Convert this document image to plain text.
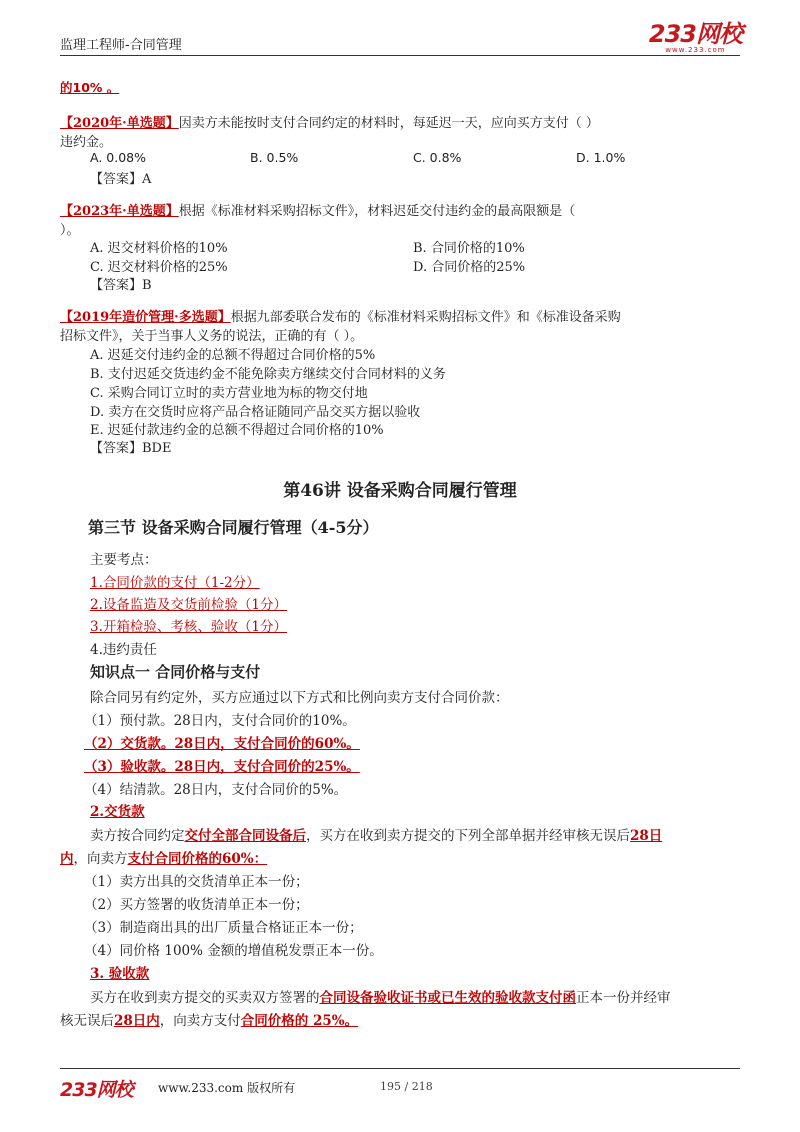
监理工程师-合同管理	233网校
www.233.com
的10% 。
【2020年·单选题】因卖方未能按时支付合同约定的材料时，每延迟一天，应向买方支付（ ）
违约金。
A. 0.08%	B. 0.5%	C. 0.8%	D. 1.0%
【答案】A
【2023年·单选题】根据《标准材料采购招标文件》，材料迟延交付违约金的最高限额是（
）。
A. 迟交材料价格的10%	B. 合同价格的10%
C. 迟交材料价格的25%	D. 合同价格的25%
【答案】B
【2019年造价管理·多选题】根据九部委联合发布的《标准材料采购招标文件》和《标准设备采购
招标文件》，关于当事人义务的说法，正确的有（ ）。
A. 迟延交付违约金的总额不得超过合同价格的5%
B. 支付迟延交货违约金不能免除卖方继续交付合同材料的义务
C. 采购合同订立时的卖方营业地为标的物交付地
D. 卖方在交货时应将产品合格证随同产品交买方据以验收
E. 迟延付款违约金的总额不得超过合同价格的10%
【答案】BDE
第46讲 设备采购合同履行管理
第三节 设备采购合同履行管理（4-5分）
主要考点：
1.合同价款的支付（1-2分）
2.设备监造及交货前检验（1分）
3.开箱检验、考核、验收（1分）
4.违约责任
知识点一 合同价格与支付
除合同另有约定外，买方应通过以下方式和比例向卖方支付合同价款：
（1）预付款。28日内，支付合同价的10%。
（2）交货款。28日内，支付合同价的60%。
（3）验收款。28日内，支付合同价的25%。
（4）结清款。28日内，支付合同价的5%。
2.交货款
卖方按合同约定交付全部合同设备后，买方在收到卖方提交的下列全部单据并经审核无误后28日
内，向卖方支付合同价格的60%：
（1）卖方出具的交货清单正本一份；
（2）买方签署的收货清单正本一份；
（3）制造商出具的出厂质量合格证正本一份；
（4）同价格 100% 金额的增值税发票正本一份。
3. 验收款
买方在收到卖方提交的买卖双方签署的合同设备验收证书或已生效的验收款支付函正本一份并经审
核无误后28日内，向卖方支付合同价格的 25%。
233网校 www.233.com 版权所有	195 / 218
